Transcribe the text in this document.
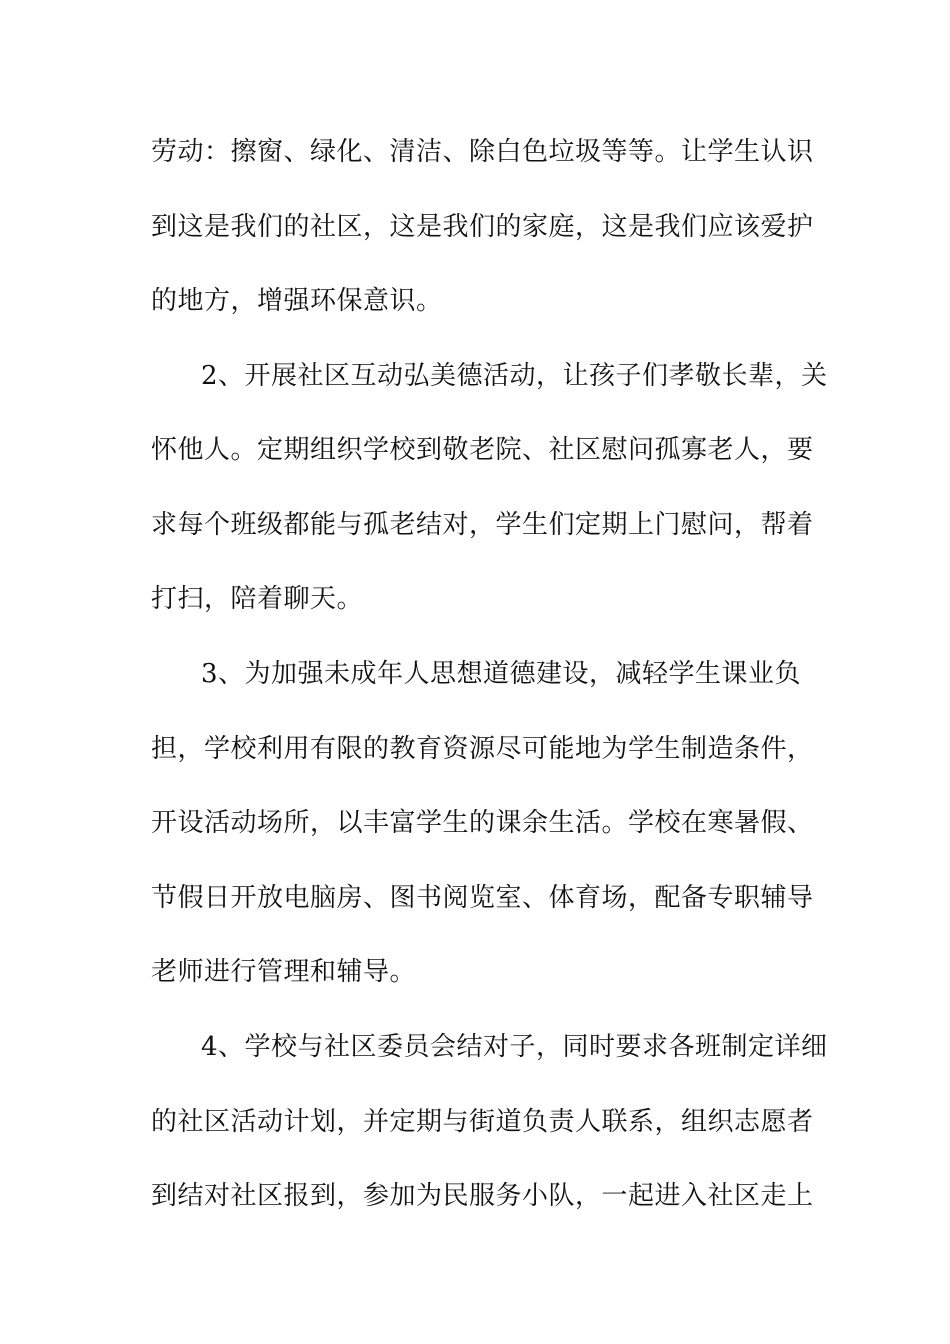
劳动：擦窗、绿化、清洁、除白色垃圾等等。让学生认识
到这是我们的社区，这是我们的家庭，这是我们应该爱护
的地方，增强环保意识。
2、开展社区互动弘美德活动，让孩子们孝敬长辈，关
怀他人。定期组织学校到敬老院、社区慰问孤寡老人，要
求每个班级都能与孤老结对，学生们定期上门慰问，帮着
打扫，陪着聊天。
3、为加强未成年人思想道德建设，减轻学生课业负
担，学校利用有限的教育资源尽可能地为学生制造条件，
开设活动场所，以丰富学生的课余生活。学校在寒暑假、
节假日开放电脑房、图书阅览室、体育场，配备专职辅导
老师进行管理和辅导。
4、学校与社区委员会结对子，同时要求各班制定详细
的社区活动计划，并定期与街道负责人联系，组织志愿者
到结对社区报到，参加为民服务小队，一起进入社区走上
